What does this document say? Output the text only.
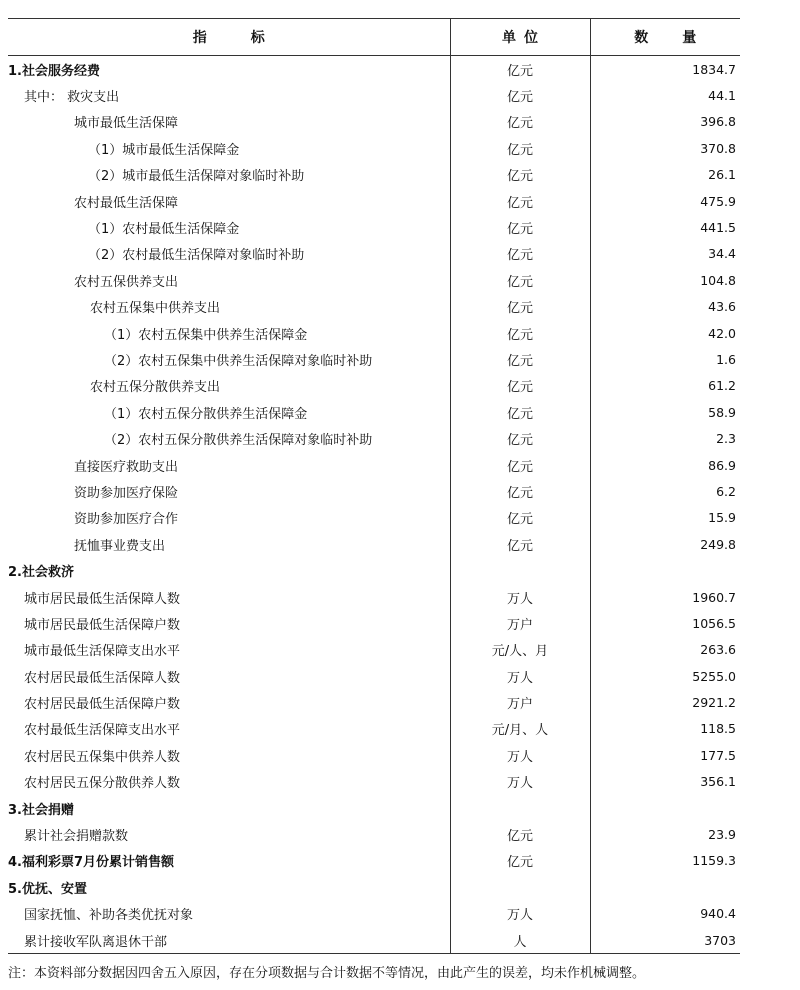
指标	单位	数量
1.社会服务经费	亿元	1834.7
其中： 救灾支出	亿元	44.1
城市最低生活保障	亿元	396.8
（1）城市最低生活保障金	亿元	370.8
（2）城市最低生活保障对象临时补助	亿元	26.1
农村最低生活保障	亿元	475.9
（1）农村最低生活保障金	亿元	441.5
（2）农村最低生活保障对象临时补助	亿元	34.4
农村五保供养支出	亿元	104.8
农村五保集中供养支出	亿元	43.6
（1）农村五保集中供养生活保障金	亿元	42.0
（2）农村五保集中供养生活保障对象临时补助	亿元	1.6
农村五保分散供养支出	亿元	61.2
（1）农村五保分散供养生活保障金	亿元	58.9
（2）农村五保分散供养生活保障对象临时补助	亿元	2.3
直接医疗救助支出	亿元	86.9
资助参加医疗保险	亿元	6.2
资助参加医疗合作	亿元	15.9
抚恤事业费支出	亿元	249.8
2.社会救济		
城市居民最低生活保障人数	万人	1960.7
城市居民最低生活保障户数	万户	1056.5
城市最低生活保障支出水平	元/人、月	263.6
农村居民最低生活保障人数	万人	5255.0
农村居民最低生活保障户数	万户	2921.2
农村最低生活保障支出水平	元/月、人	118.5
农村居民五保集中供养人数	万人	177.5
农村居民五保分散供养人数	万人	356.1
3.社会捐赠		
累计社会捐赠款数	亿元	23.9
4.福利彩票7月份累计销售额	亿元	1159.3
5.优抚、安置		
国家抚恤、补助各类优抚对象	万人	940.4
累计接收军队离退休干部	人	3703
注：本资料部分数据因四舍五入原因，存在分项数据与合计数据不等情况，由此产生的误差，均未作机械调整。
